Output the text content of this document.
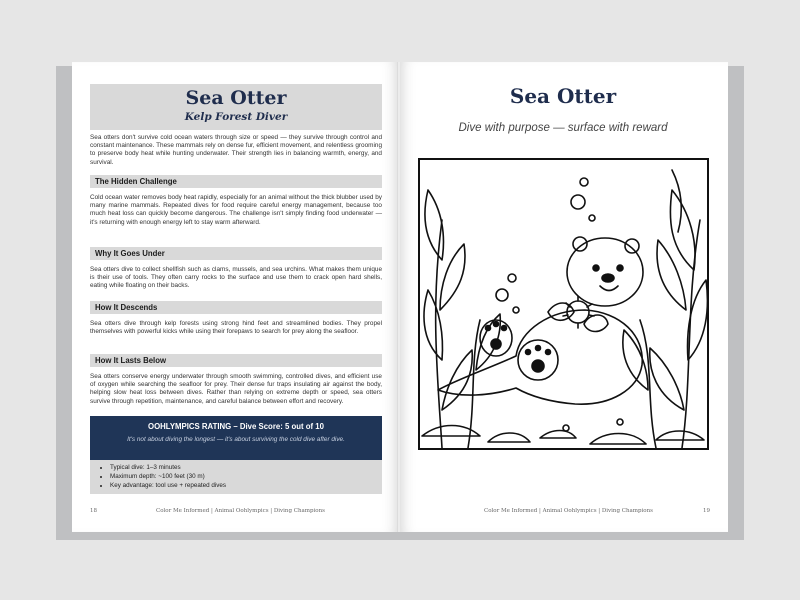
Sea Otter
Kelp Forest Diver

Sea otters don't survive cold ocean waters through size or speed — they survive through control and constant maintenance. These mammals rely on dense fur, efficient movement, and relentless grooming to preserve body heat while hunting underwater. Their strength lies in balancing warmth, energy, and survival.

The Hidden Challenge

Cold ocean water removes body heat rapidly, especially for an animal without the thick blubber used by many marine mammals. Repeated dives for food require careful energy management, because too much heat loss can quickly become dangerous. The challenge isn't simply finding food underwater — it's returning with enough energy left to stay warm afterward.

Why It Goes Under

Sea otters dive to collect shellfish such as clams, mussels, and sea urchins. What makes them unique is their use of tools. They often carry rocks to the surface and use them to crack open hard shells, eating while floating on their backs.

How It Descends

Sea otters dive through kelp forests using strong hind feet and streamlined bodies. They propel themselves with powerful kicks while using their forepaws to search for prey along the seafloor.

How It Lasts Below

Sea otters conserve energy underwater through smooth swimming, controlled dives, and efficient use of oxygen while searching the seafloor for prey. Their dense fur traps insulating air against the body, helping slow heat loss between dives. Rather than relying on extreme depth or speed, sea otters survive through repetition, maintenance, and careful balance between effort and recovery.

OOHLYMPICS RATING – Dive Score: 5 out of 10
It's not about diving the longest — it's about surviving the cold dive after dive.
• Typical dive: 1–3 minutes
• Maximum depth: ~100 feet (30 m)
• Key advantage: tool use + repeated dives
18	Color Me Informed | Animal Oohlympics | Diving Champions
Sea Otter
Dive with purpose — surface with reward
Color Me Informed | Animal Oohlympics | Diving Champions	19
